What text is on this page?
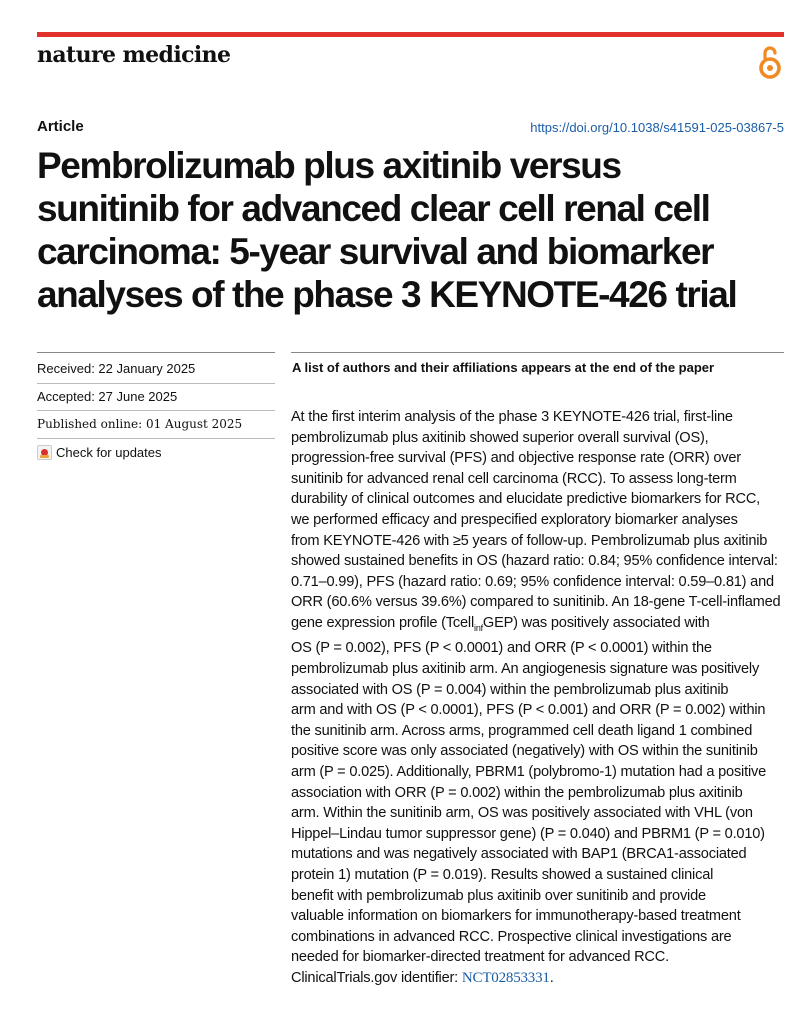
nature medicine
Article	https://doi.org/10.1038/s41591-025-03867-5
Pembrolizumab plus axitinib versus
sunitinib for advanced clear cell renal cell
carcinoma: 5-year survival and biomarker
analyses of the phase 3 KEYNOTE-426 trial
Received: 22 January 2025
Accepted: 27 June 2025
Published online: 01 August 2025
Check for updates
A list of authors and their affiliations appears at the end of the paper

At the first interim analysis of the phase 3 KEYNOTE-426 trial, first-line
pembrolizumab plus axitinib showed superior overall survival (OS),
progression-free survival (PFS) and objective response rate (ORR) over
sunitinib for advanced renal cell carcinoma (RCC). To assess long-term
durability of clinical outcomes and elucidate predictive biomarkers for RCC,
we performed efficacy and prespecified exploratory biomarker analyses
from KEYNOTE-426 with ≥5 years of follow-up. Pembrolizumab plus axitinib
showed sustained benefits in OS (hazard ratio: 0.84; 95% confidence interval:
0.71–0.99), PFS (hazard ratio: 0.69; 95% confidence interval: 0.59–0.81) and
ORR (60.6% versus 39.6%) compared to sunitinib. An 18-gene T-cell-inflamed
gene expression profile (Tcell$_{inf}$GEP) was positively associated with
OS (P = 0.002), PFS (P < 0.0001) and ORR (P < 0.0001) within the
pembrolizumab plus axitinib arm. An angiogenesis signature was positively
associated with OS (P = 0.004) within the pembrolizumab plus axitinib
arm and with OS (P < 0.0001), PFS (P < 0.001) and ORR (P = 0.002) within
the sunitinib arm. Across arms, programmed cell death ligand 1 combined
positive score was only associated (negatively) with OS within the sunitinib
arm (P = 0.025). Additionally, PBRM1 (polybromo-1) mutation had a positive
association with ORR (P = 0.002) within the pembrolizumab plus axitinib
arm. Within the sunitinib arm, OS was positively associated with VHL (von
Hippel–Lindau tumor suppressor gene) (P = 0.040) and PBRM1 (P = 0.010)
mutations and was negatively associated with BAP1 (BRCA1-associated
protein 1) mutation (P = 0.019). Results showed a sustained clinical
benefit with pembrolizumab plus axitinib over sunitinib and provide
valuable information on biomarkers for immunotherapy-based treatment
combinations in advanced RCC. Prospective clinical investigations are
needed for biomarker-directed treatment for advanced RCC.
ClinicalTrials.gov identifier: NCT02853331.
